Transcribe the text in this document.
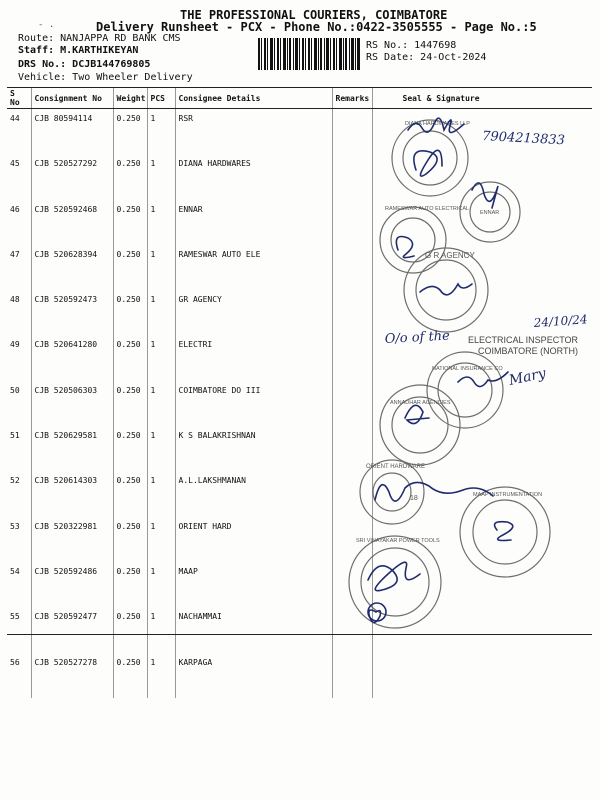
- .
THE PROFESSIONAL COURIERS, COIMBATORE
Delivery Runsheet - PCX - Phone No.:0422-3505555 - Page No.:5
Route: NANJAPPA RD BANK CMS
Staff: M.KARTHIKEYAN
DRS No.: DCJB144769805
Vehicle: Two Wheeler Delivery
RS No.: 1447698
RS Date: 24-Oct-2024
S No	Consignment No	Weight	PCS	Consignee Details	Remarks	Seal & Signature
44	CJB 80594114	0.250	1	RSR		
45	CJB 520527292	0.250	1	DIANA HARDWARES		
46	CJB 520592468	0.250	1	ENNAR		
47	CJB 520628394	0.250	1	RAMESWAR AUTO ELE		
48	CJB 520592473	0.250	1	GR AGENCY		
49	CJB 520641280	0.250	1	ELECTRI		
50	CJB 520506303	0.250	1	COIMBATORE DO III		
51	CJB 520629581	0.250	1	K S BALAKRISHNAN		
52	CJB 520614303	0.250	1	A.L.LAKSHMANAN		
53	CJB 520322981	0.250	1	ORIENT HARD		
54	CJB 520592486	0.250	1	MAAP		
55	CJB 520592477	0.250	1	NACHAMMAI		
56	CJB 520527278	0.250	1	KARPAGA		
DIANA HARDWARES LLP
RAMESWAR AUTO ELECTRICAL
ENNAR
G R AGENCY
NATIONAL INSURANCE CO
ANNADHAR AGENCIES
ORIENT HARDWARE
18	MAAP INSTRUMENTATION
SRI VINAYAKAR POWER TOOLS
ELECTRICAL INSPECTOR
COIMBATORE (NORTH)
7904213833
O/o of the
24/10/24
Mary
